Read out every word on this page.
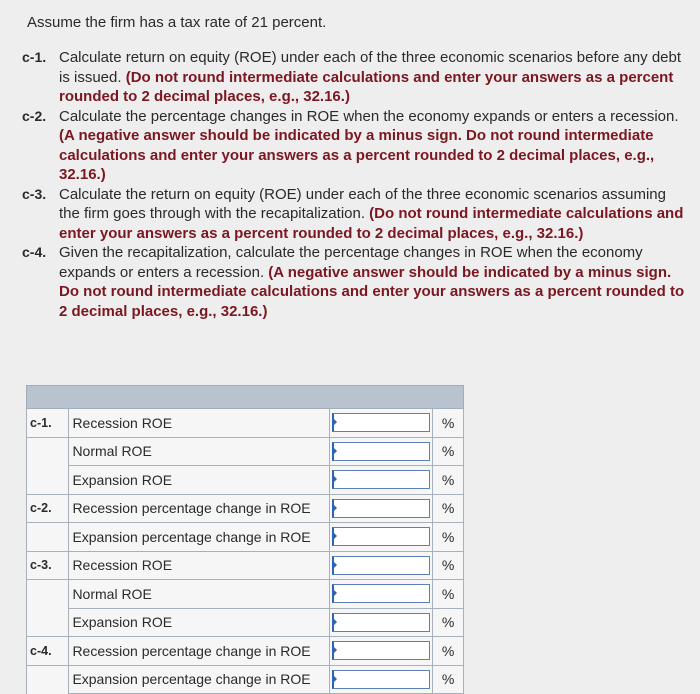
Assume the firm has a tax rate of 21 percent.
c-1. Calculate return on equity (ROE) under each of the three economic scenarios before any debt is issued. (Do not round intermediate calculations and enter your answers as a percent rounded to 2 decimal places, e.g., 32.16.)
c-2. Calculate the percentage changes in ROE when the economy expands or enters a recession. (A negative answer should be indicated by a minus sign. Do not round intermediate calculations and enter your answers as a percent rounded to 2 decimal places, e.g., 32.16.)
c-3. Calculate the return on equity (ROE) under each of the three economic scenarios assuming the firm goes through with the recapitalization. (Do not round intermediate calculations and enter your answers as a percent rounded to 2 decimal places, e.g., 32.16.)
c-4. Given the recapitalization, calculate the percentage changes in ROE when the economy expands or enters a recession. (A negative answer should be indicated by a minus sign. Do not round intermediate calculations and enter your answers as a percent rounded to 2 decimal places, e.g., 32.16.)

c-1.	Recession ROE		%
	Normal ROE		%
	Expansion ROE		%
c-2.	Recession percentage change in ROE		%
	Expansion percentage change in ROE		%
c-3.	Recession ROE		%
	Normal ROE		%
	Expansion ROE		%
c-4.	Recession percentage change in ROE		%
	Expansion percentage change in ROE		%
